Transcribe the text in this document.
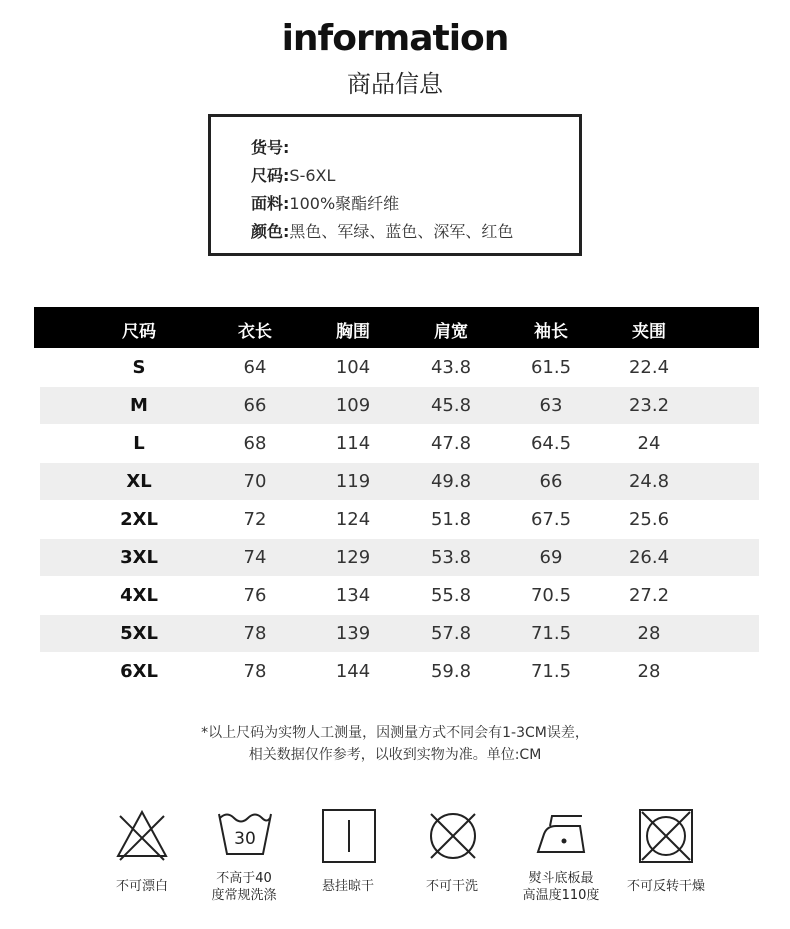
information
商品信息
货号:
尺码:S-6XL
面料:100%聚酯纤维
颜色:黑色、军绿、蓝色、深军、红色
尺码	衣长	胸围	肩宽	袖长	夹围
S	64	104	43.8	61.5	22.4
M	66	109	45.8	63	23.2
L	68	114	47.8	64.5	24
XL	70	119	49.8	66	24.8
2XL	72	124	51.8	67.5	25.6
3XL	74	129	53.8	69	26.4
4XL	76	134	55.8	70.5	27.2
5XL	78	139	57.8	71.5	28
6XL	78	144	59.8	71.5	28
*以上尺码为实物人工测量，因测量方式不同会有1-3CM误差，
相关数据仅作参考，以收到实物为准。单位:CM
不可漂白
30
不高于40
度常规洗涤
悬挂晾干	不可干洗
熨斗底板最
高温度110度
不可反转干燥
